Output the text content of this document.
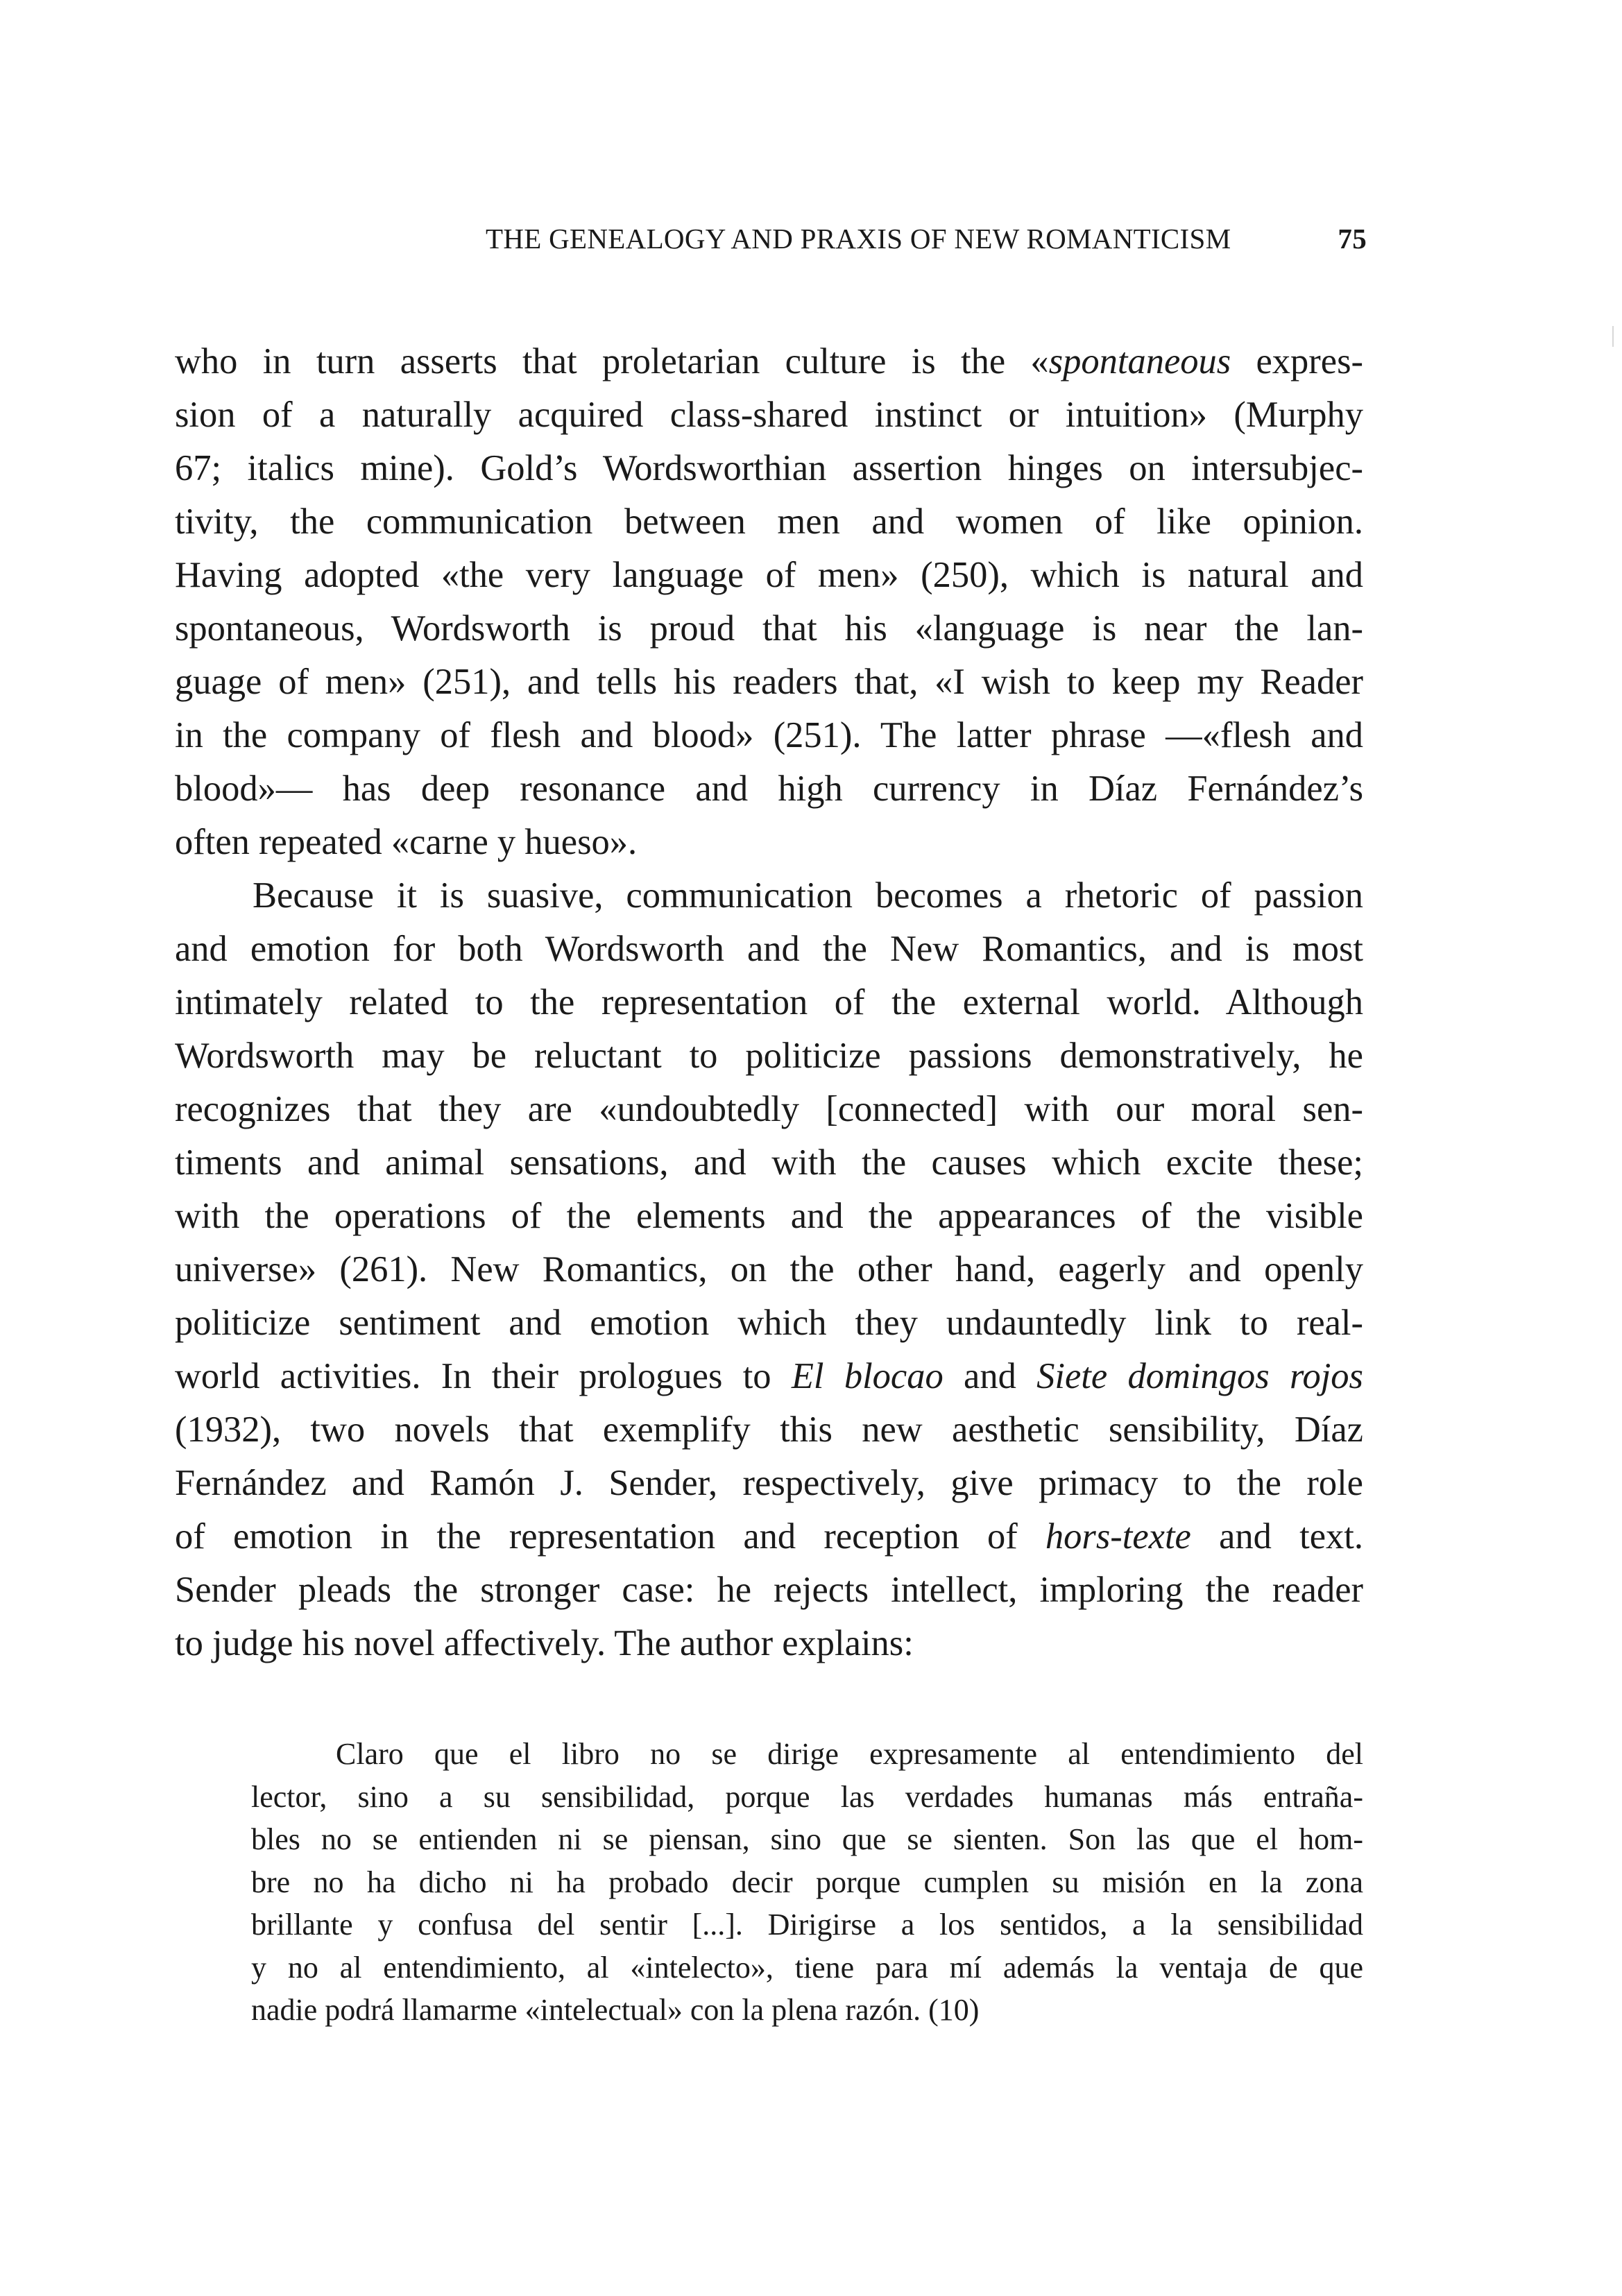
THE GENEALOGY AND PRAXIS OF NEW ROMANTICISM	75
who in turn asserts that proletarian culture is the «spontaneous expres-
sion of a naturally acquired class-shared instinct or intuition» (Murphy
67; italics mine). Gold’s Wordsworthian assertion hinges on intersubjec-
tivity, the communication between men and women of like opinion.
Having adopted «the very language of men» (250), which is natural and
spontaneous, Wordsworth is proud that his «language is near the lan-
guage of men» (251), and tells his readers that, «I wish to keep my Reader
in the company of flesh and blood» (251). The latter phrase —«flesh and
blood»— has deep resonance and high currency in Díaz Fernández’s
often repeated «carne y hueso».
Because it is suasive, communication becomes a rhetoric of passion
and emotion for both Wordsworth and the New Romantics, and is most
intimately related to the representation of the external world. Although
Wordsworth may be reluctant to politicize passions demonstratively, he
recognizes that they are «undoubtedly [connected] with our moral sen-
timents and animal sensations, and with the causes which excite these;
with the operations of the elements and the appearances of the visible
universe» (261). New Romantics, on the other hand, eagerly and openly
politicize sentiment and emotion which they undauntedly link to real-
world activities. In their prologues to El blocao and Siete domingos rojos
(1932), two novels that exemplify this new aesthetic sensibility, Díaz
Fernández and Ramón J. Sender, respectively, give primacy to the role
of emotion in the representation and reception of hors-texte and text.
Sender pleads the stronger case: he rejects intellect, imploring the reader
to judge his novel affectively. The author explains:
Claro que el libro no se dirige expresamente al entendimiento del
lector, sino a su sensibilidad, porque las verdades humanas más entraña-
bles no se entienden ni se piensan, sino que se sienten. Son las que el hom-
bre no ha dicho ni ha probado decir porque cumplen su misión en la zona
brillante y confusa del sentir [...]. Dirigirse a los sentidos, a la sensibilidad
y no al entendimiento, al «intelecto», tiene para mí además la ventaja de que
nadie podrá llamarme «intelectual» con la plena razón. (10)
